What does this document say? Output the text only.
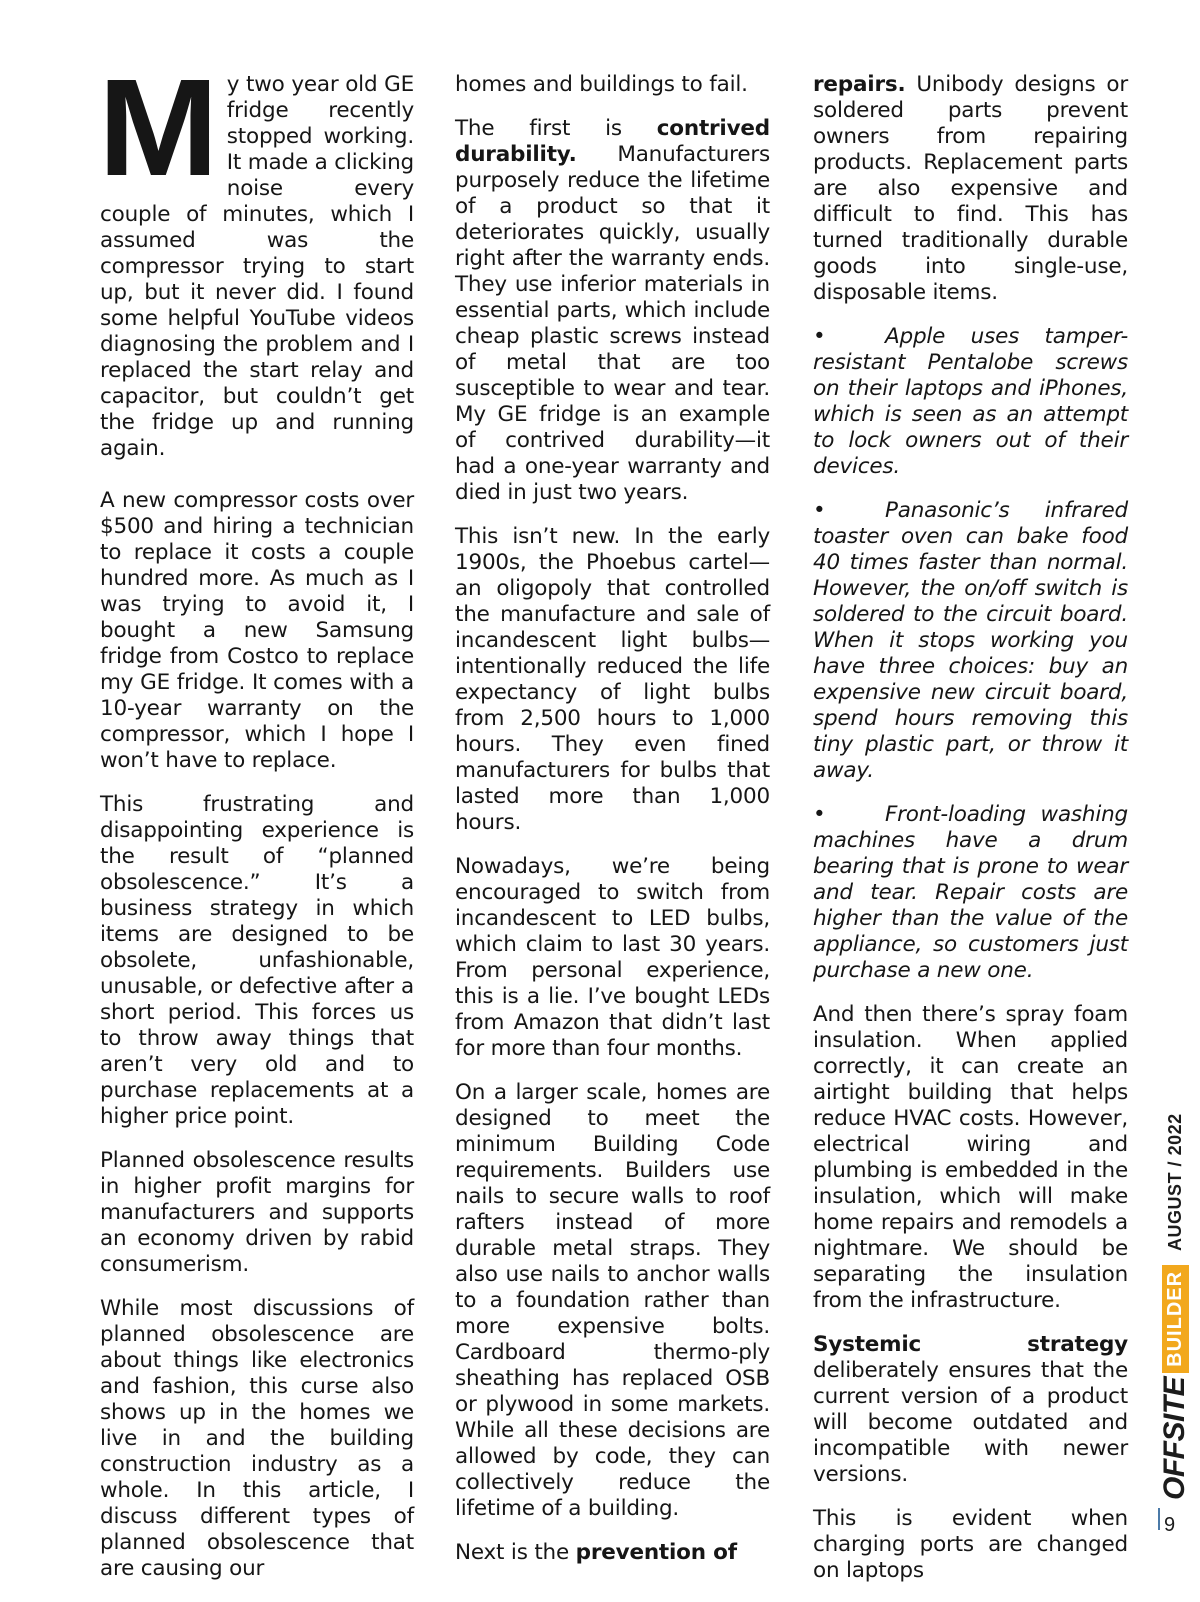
My two year old GE fridge recently stopped working. It made a clicking noise every couple of minutes, which I assumed was the compressor trying to start up, but it never did. I found some helpful YouTube videos diagnosing the problem and I replaced the start relay and capacitor, but couldn’t get the fridge up and running again.

A new compressor costs over $500 and hiring a technician to replace it costs a couple hundred more. As much as I was trying to avoid it, I bought a new Samsung fridge from Costco to replace my GE fridge. It comes with a 10-year warranty on the compressor, which I hope I won’t have to replace.

This frustrating and disappointing experience is the result of “planned obsolescence.” It’s a business strategy in which items are designed to be obsolete, unfashionable, unusable, or defective after a short period. This forces us to throw away things that aren’t very old and to purchase replacements at a higher price point.

Planned obsolescence results in higher profit margins for manufacturers and supports an economy driven by rabid consumerism.

While most discussions of planned obsolescence are about things like electronics and fashion, this curse also shows up in the homes we live in and the building construction industry as a whole. In this article, I discuss different types of planned obsolescence that are causing our

homes and buildings to fail.

The first is contrived durability. Manufacturers purposely reduce the lifetime of a product so that it deteriorates quickly, usually right after the warranty ends. They use inferior materials in essential parts, which include cheap plastic screws instead of metal that are too susceptible to wear and tear. My GE fridge is an example of contrived durability—it had a one-year warranty and died in just two years.

This isn’t new. In the early 1900s, the Phoebus cartel—an oligopoly that controlled the manufacture and sale of incandescent light bulbs—intentionally reduced the life expectancy of light bulbs from 2,500 hours to 1,000 hours. They even fined manufacturers for bulbs that lasted more than 1,000 hours.

Nowadays, we’re being encouraged to switch from incandescent to LED bulbs, which claim to last 30 years. From personal experience, this is a lie. I’ve bought LEDs from Amazon that didn’t last for more than four months.

On a larger scale, homes are designed to meet the minimum Building Code requirements. Builders use nails to secure walls to roof rafters instead of more durable metal straps. They also use nails to anchor walls to a foundation rather than more expensive bolts. Cardboard thermo-ply sheathing has replaced OSB or plywood in some markets. While all these decisions are allowed by code, they can collectively reduce the lifetime of a building.

Next is the prevention of

repairs. Unibody designs or soldered parts prevent owners from repairing products. Replacement parts are also expensive and difficult to find. This has turned traditionally durable goods into single-use, disposable items.

•	Apple uses tamper-resistant Pentalobe screws on their laptops and iPhones, which is seen as an attempt to lock owners out of their devices.

•	Panasonic’s infrared toaster oven can bake food 40 times faster than normal. However, the on/off switch is soldered to the circuit board. When it stops working you have three choices: buy an expensive new circuit board, spend hours removing this tiny plastic part, or throw it away.

•	Front-loading washing machines have a drum bearing that is prone to wear and tear. Repair costs are higher than the value of the appliance, so customers just purchase a new one.

And then there’s spray foam insulation. When applied correctly, it can create an airtight building that helps reduce HVAC costs. However, electrical wiring and plumbing is embedded in the insulation, which will make home repairs and remodels a nightmare. We should be separating the insulation from the infrastructure.

Systemic strategy deliberately ensures that the current version of a product will become outdated and incompatible with newer versions.

This is evident when charging ports are changed on laptops

OFFSITE
BUILDER
AUGUST / 2022
9
